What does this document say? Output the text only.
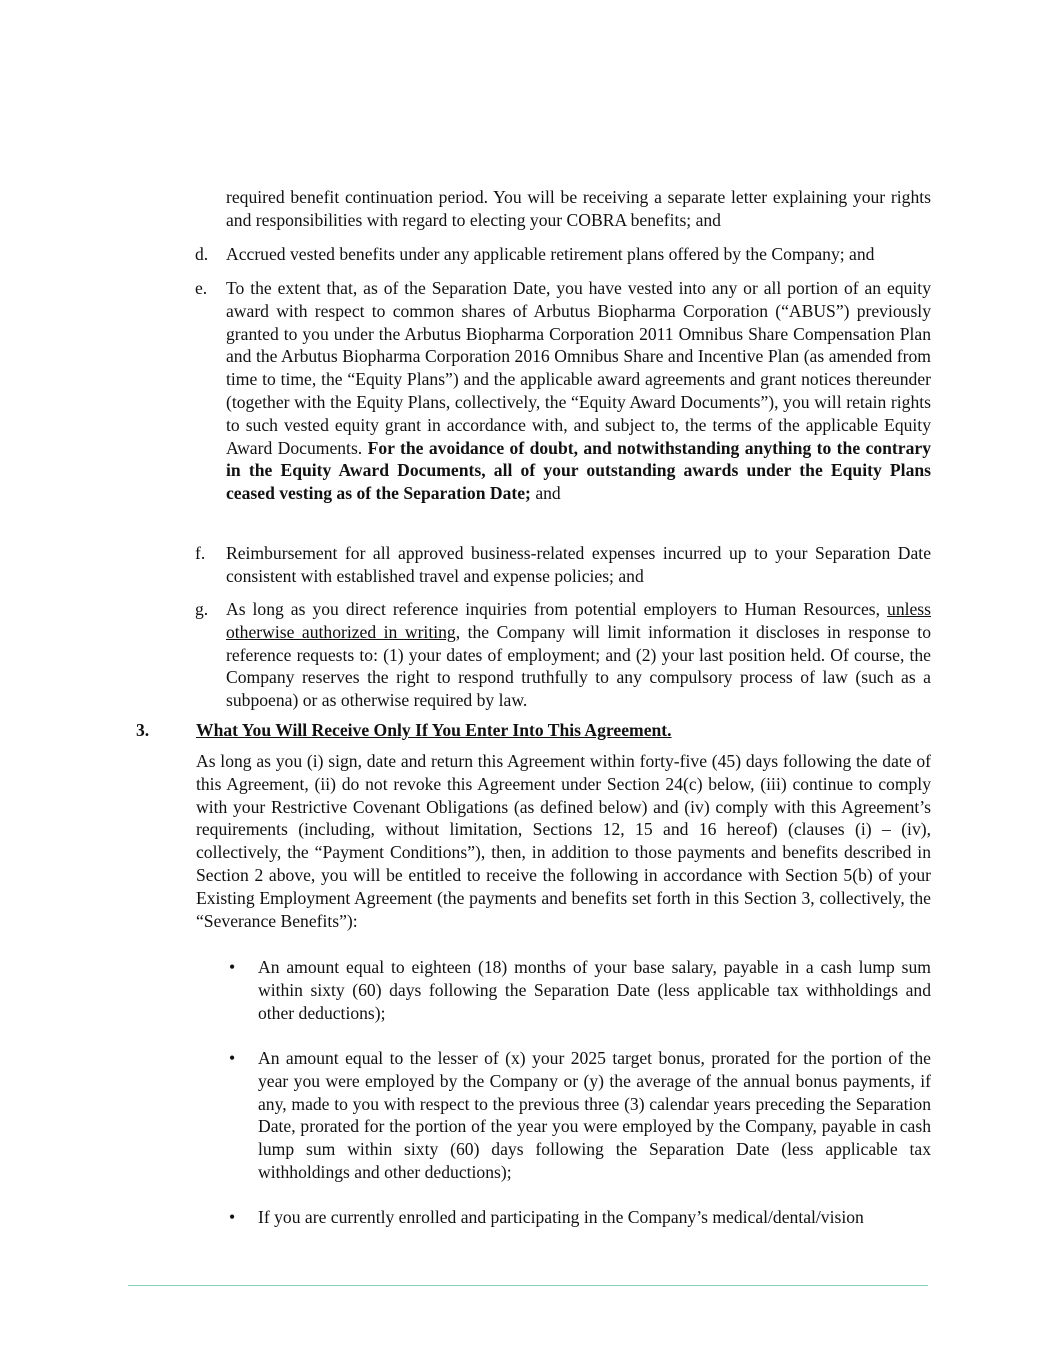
required benefit continuation period. You will be receiving a separate letter explaining your rights and responsibilities with regard to electing your COBRA benefits; and

d. Accrued vested benefits under any applicable retirement plans offered by the Company; and

e. To the extent that, as of the Separation Date, you have vested into any or all portion of an equity award with respect to common shares of Arbutus Biopharma Corporation (“ABUS”) previously granted to you under the Arbutus Biopharma Corporation 2011 Omnibus Share Compensation Plan and the Arbutus Biopharma Corporation 2016 Omnibus Share and Incentive Plan (as amended from time to time, the “Equity Plans”) and the applicable award agreements and grant notices thereunder (together with the Equity Plans, collectively, the “Equity Award Documents”), you will retain rights to such vested equity grant in accordance with, and subject to, the terms of the applicable Equity Award Documents. For the avoidance of doubt, and notwithstanding anything to the contrary in the Equity Award Documents, all of your outstanding awards under the Equity Plans ceased vesting as of the Separation Date; and

f. Reimbursement for all approved business-related expenses incurred up to your Separation Date consistent with established travel and expense policies; and

g. As long as you direct reference inquiries from potential employers to Human Resources, unless otherwise authorized in writing, the Company will limit information it discloses in response to reference requests to: (1) your dates of employment; and (2) your last position held. Of course, the Company reserves the right to respond truthfully to any compulsory process of law (such as a subpoena) or as otherwise required by law.

3.	What You Will Receive Only If You Enter Into This Agreement.

As long as you (i) sign, date and return this Agreement within forty-five (45) days following the date of this Agreement, (ii) do not revoke this Agreement under Section 24(c) below, (iii) continue to comply with your Restrictive Covenant Obligations (as defined below) and (iv) comply with this Agreement’s requirements (including, without limitation, Sections 12, 15 and 16 hereof) (clauses (i) – (iv), collectively, the “Payment Conditions”), then, in addition to those payments and benefits described in Section 2 above, you will be entitled to receive the following in accordance with Section 5(b) of your Existing Employment Agreement (the payments and benefits set forth in this Section 3, collectively, the “Severance Benefits”):

• An amount equal to eighteen (18) months of your base salary, payable in a cash lump sum within sixty (60) days following the Separation Date (less applicable tax withholdings and other deductions);

• An amount equal to the lesser of (x) your 2025 target bonus, prorated for the portion of the year you were employed by the Company or (y) the average of the annual bonus payments, if any, made to you with respect to the previous three (3) calendar years preceding the Separation Date, prorated for the portion of the year you were employed by the Company, payable in cash lump sum within sixty (60) days following the Separation Date (less applicable tax withholdings and other deductions);

• If you are currently enrolled and participating in the Company’s medical/dental/vision
